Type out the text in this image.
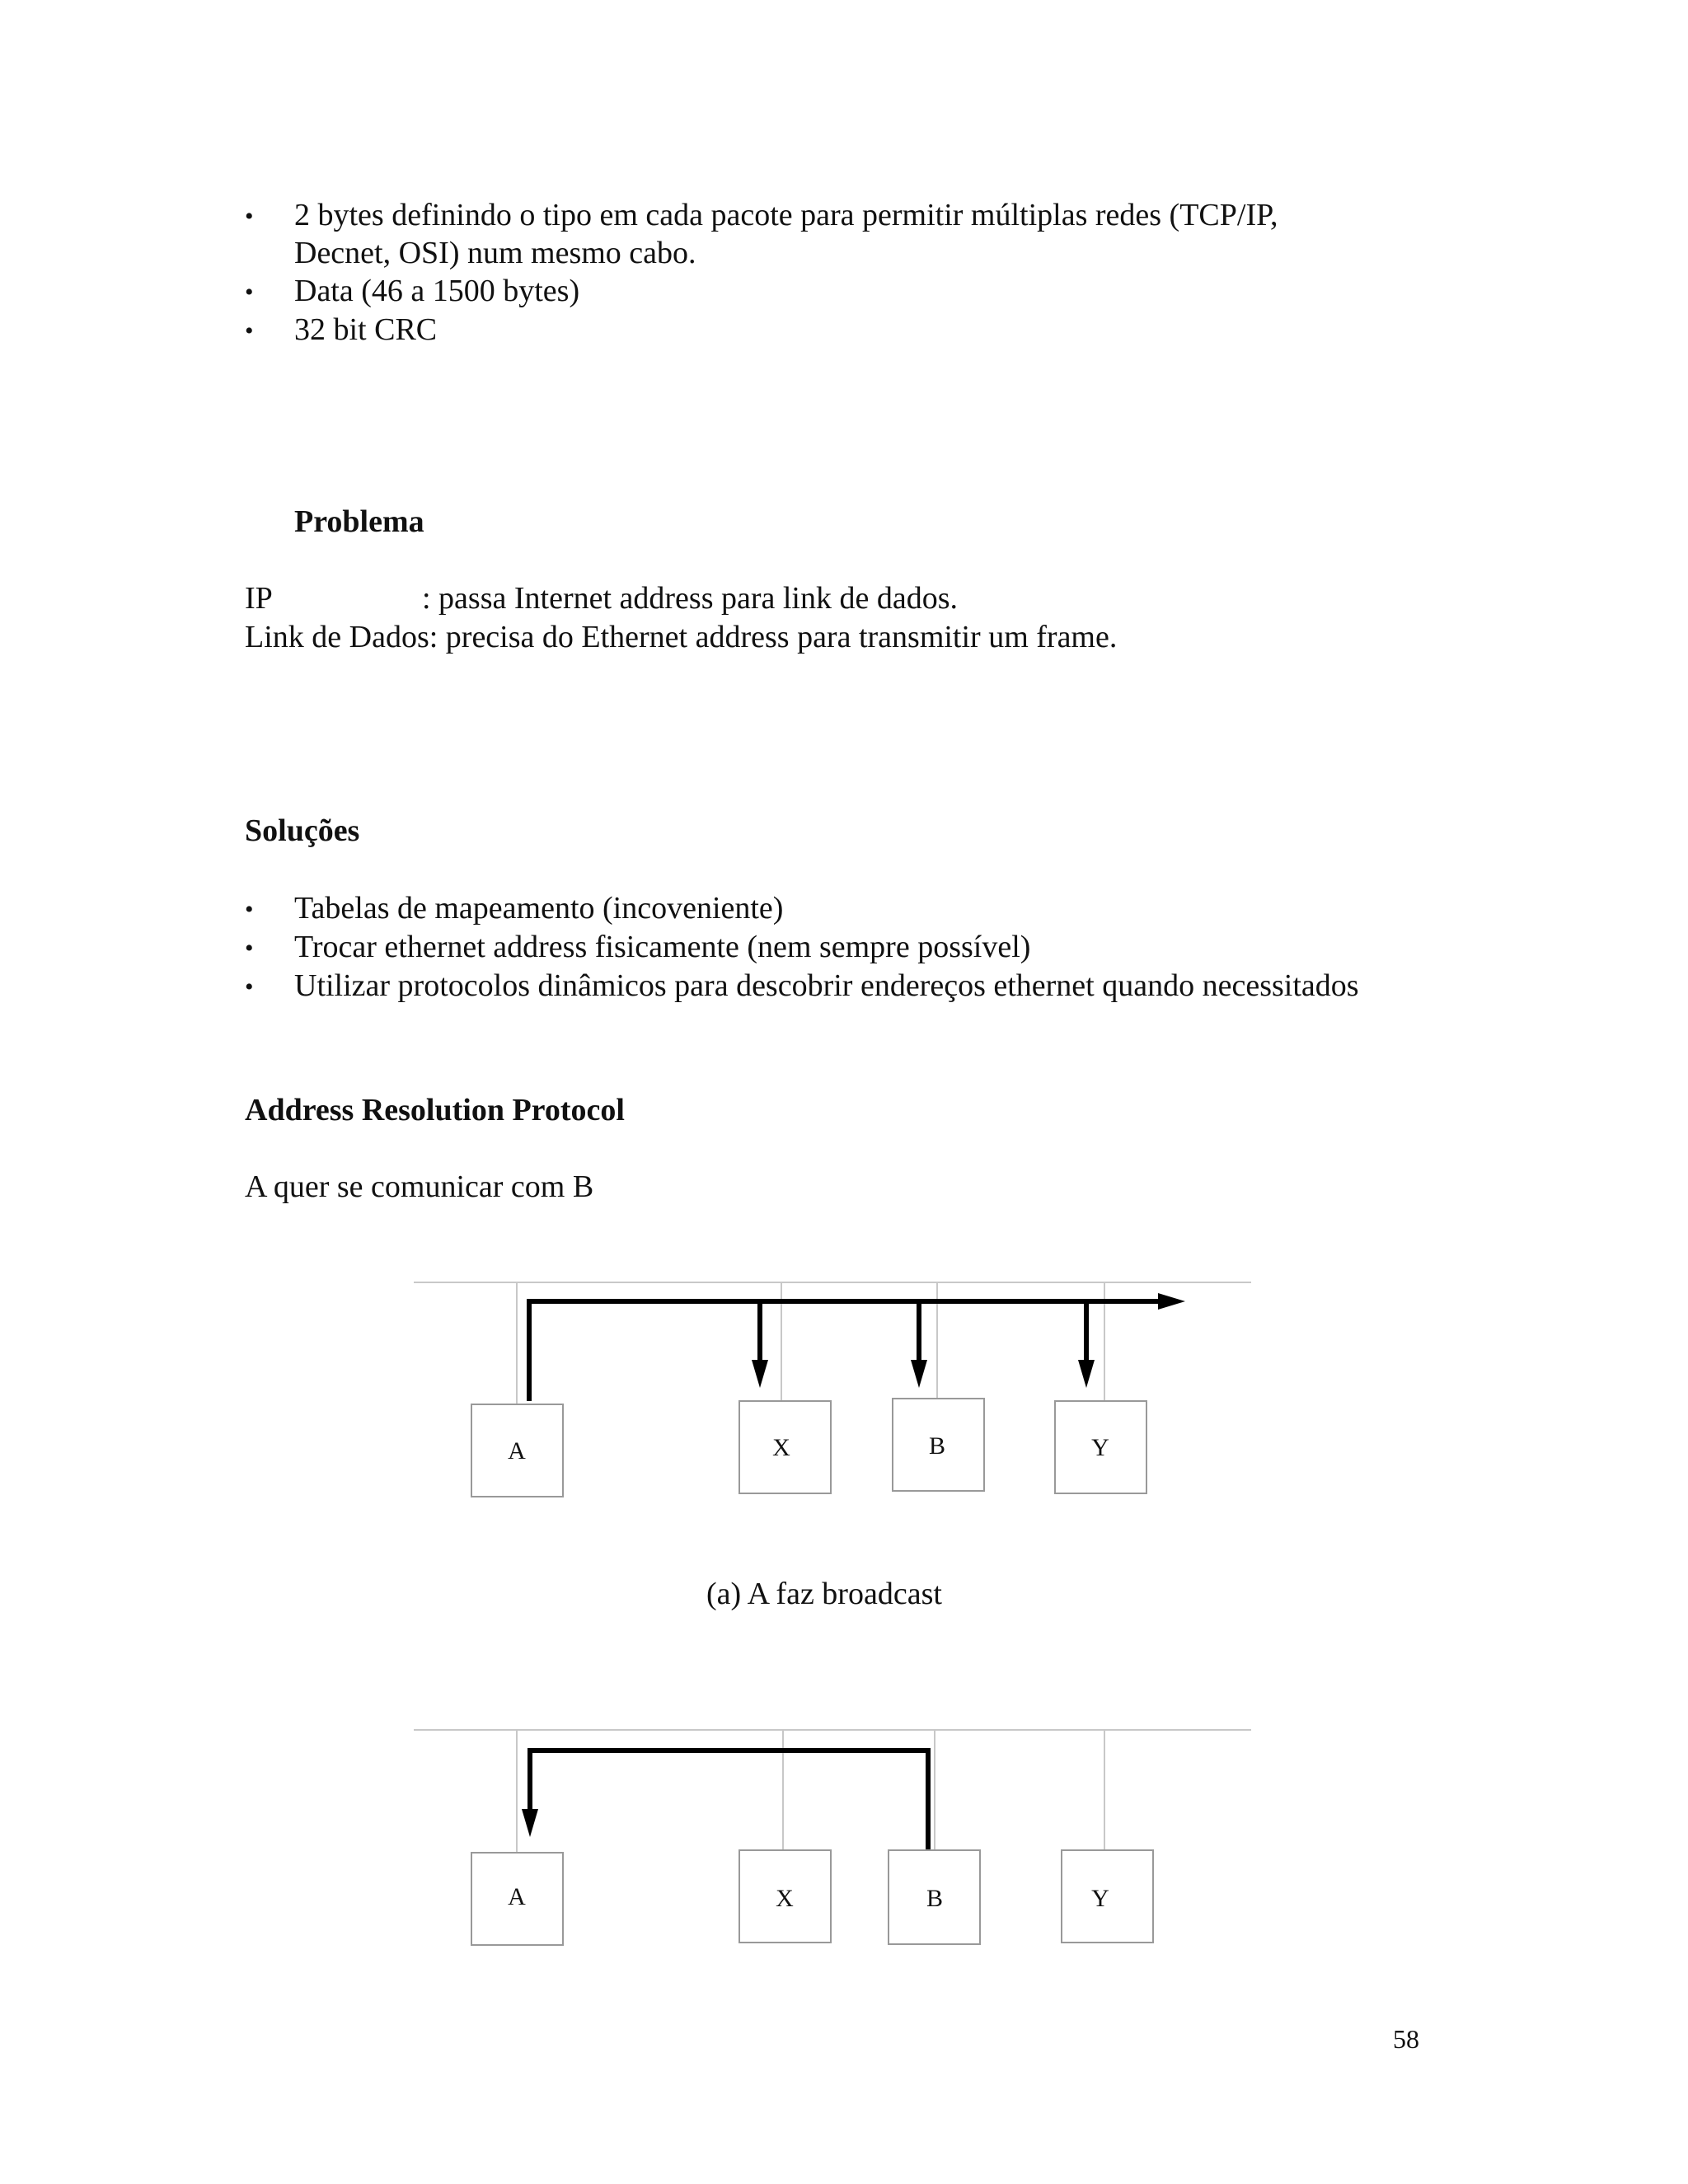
• 2 bytes definindo o tipo em cada pacote para permitir múltiplas redes (TCP/IP,
Decnet, OSI) num mesmo cabo.
• Data (46 a 1500 bytes)
• 32 bit CRC
Problema
IP	: passa Internet address para link de dados.
Link de Dados: precisa do Ethernet address para transmitir um frame.
Soluções
• Tabelas de mapeamento (incoveniente)
• Trocar ethernet address fisicamente (nem sempre possível)
• Utilizar protocolos dinâmicos para descobrir endereços ethernet quando necessitados
Address Resolution Protocol
A quer se comunicar com B
A	X	B	Y
(a) A faz broadcast
A	X	B	Y
58
